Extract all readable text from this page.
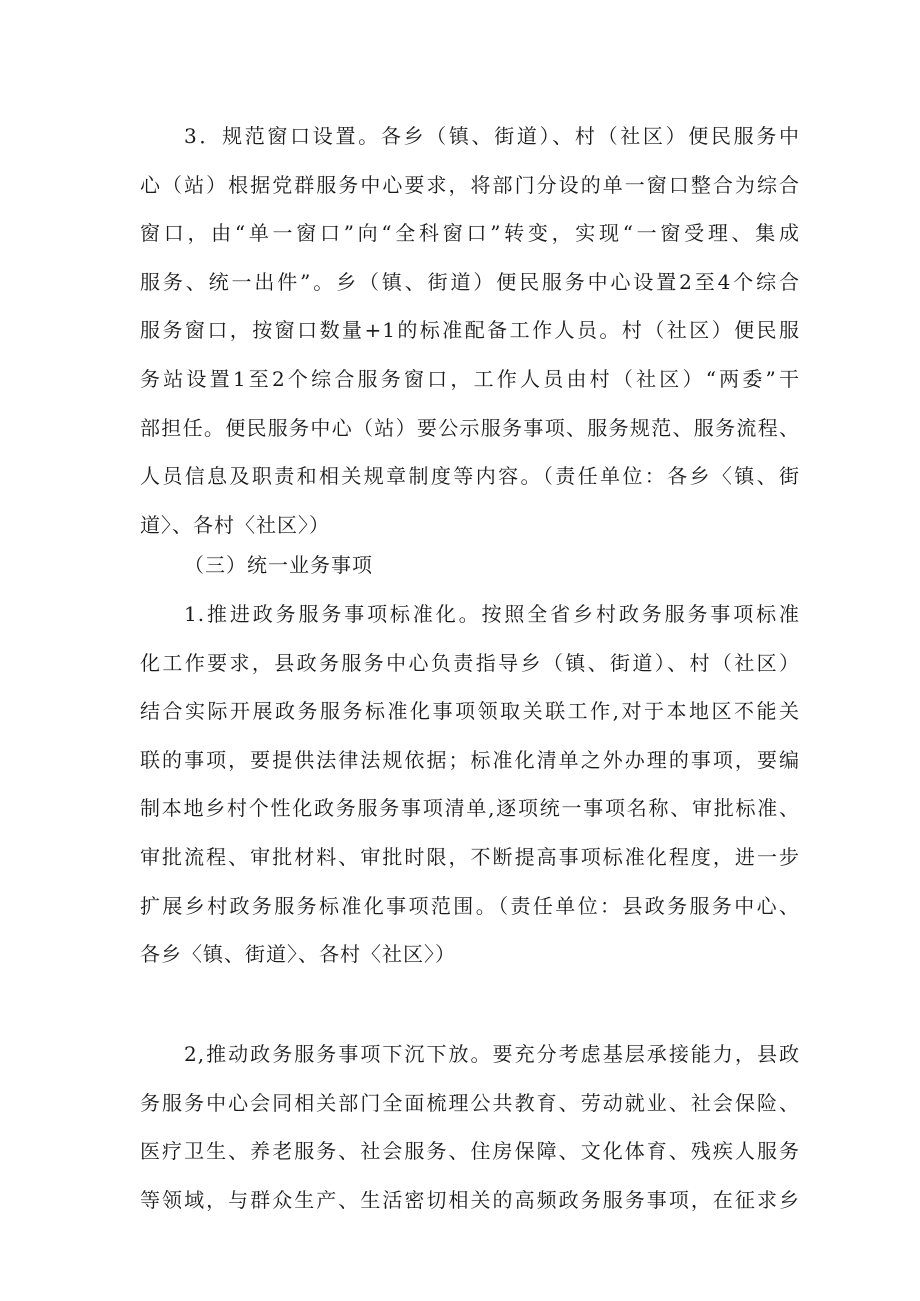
3．规范窗口设置。各乡（镇、街道）、村（社区）便民服务中
心（站）根据党群服务中心要求，将部门分设的单一窗口整合为综合
窗口，由“单一窗口”向“全科窗口”转变，实现“一窗受理、集成
服务、统一出件”。乡（镇、街道）便民服务中心设置2至4个综合
服务窗口，按窗口数量+1的标准配备工作人员。村（社区）便民服
务站设置1至2个综合服务窗口，工作人员由村（社区）“两委”干
部担任。便民服务中心（站）要公示服务事项、服务规范、服务流程、
人员信息及职责和相关规章制度等内容。（责任单位：各乡〈镇、街
道〉、各村〈社区〉）
（三）统一业务事项
1.推进政务服务事项标准化。按照全省乡村政务服务事项标准
化工作要求，县政务服务中心负责指导乡（镇、街道）、村（社区）
结合实际开展政务服务标准化事项领取关联工作,对于本地区不能关
联的事项，要提供法律法规依据；标准化清单之外办理的事项，要编
制本地乡村个性化政务服务事项清单,逐项统一事项名称、审批标准、
审批流程、审批材料、审批时限，不断提高事项标准化程度，进一步
扩展乡村政务服务标准化事项范围。（责任单位：县政务服务中心、
各乡〈镇、街道〉、各村〈社区〉）
2,推动政务服务事项下沉下放。要充分考虑基层承接能力，县政
务服务中心会同相关部门全面梳理公共教育、劳动就业、社会保险、
医疗卫生、养老服务、社会服务、住房保障、文化体育、残疾人服务
等领域，与群众生产、生活密切相关的高频政务服务事项，在征求乡
